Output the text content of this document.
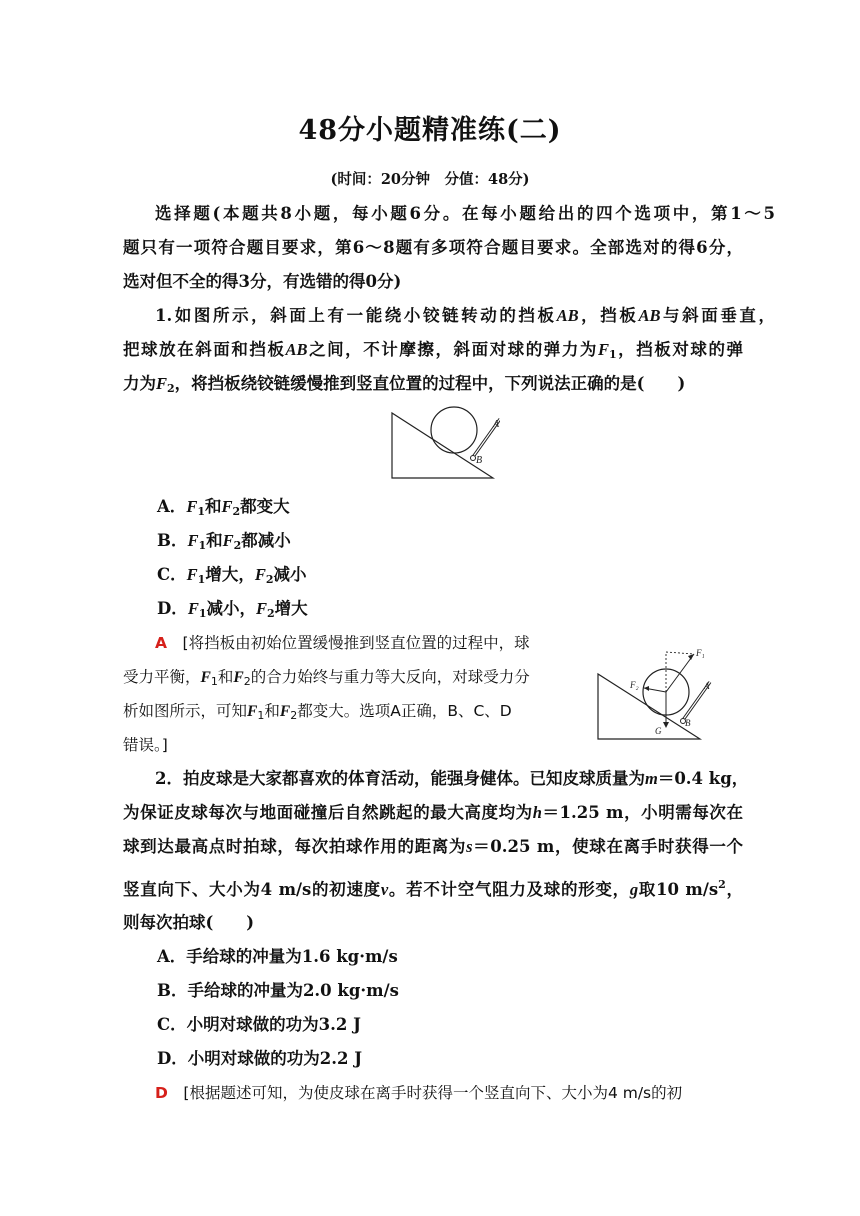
48分小题精准练(二)
(时间：20分钟　分值：48分)
选择题(本题共8小题，每小题6分。在每小题给出的四个选项中，第1～5
题只有一项符合题目要求，第6～8题有多项符合题目要求。全部选对的得6分，
选对但不全的得3分，有选错的得0分)
1.如图所示，斜面上有一能绕小铰链转动的挡板AB，挡板AB与斜面垂直，
把球放在斜面和挡板AB之间，不计摩擦，斜面对球的弹力为$F_1$，挡板对球的弹
力为$F_2$，将挡板绕铰链缓慢推到竖直位置的过程中，下列说法正确的是(　　)
A
B
A．$F_1$和$F_2$都变大
B．$F_1$和$F_2$都减小
C．$F_1$增大，$F_2$减小
D．$F_1$减小，$F_2$增大
A　 [将挡板由初始位置缓慢推到竖直位置的过程中，球
受力平衡，$F_1$和$F_2$的合力始终与重力等大反向，对球受力分
析如图所示，可知$F_1$和$F_2$都变大。选项A正确，B、C、D
错误。]
F₁
F₂
G
A
B
2．拍皮球是大家都喜欢的体育活动，能强身健体。已知皮球质量为m＝0.4 kg，
为保证皮球每次与地面碰撞后自然跳起的最大高度均为h＝1.25 m，小明需每次在
球到达最高点时拍球，每次拍球作用的距离为s＝0.25 m，使球在离手时获得一个
竖直向下、大小为4 m/s的初速度v。若不计空气阻力及球的形变，g取10 $m/s^2$，
则每次拍球(　　)
A．手给球的冲量为1.6 kg·m/s
B．手给球的冲量为2.0 kg·m/s
C．小明对球做的功为3.2 J
D．小明对球做的功为2.2 J
D　 [根据题述可知，为使皮球在离手时获得一个竖直向下、大小为4 m/s的初
